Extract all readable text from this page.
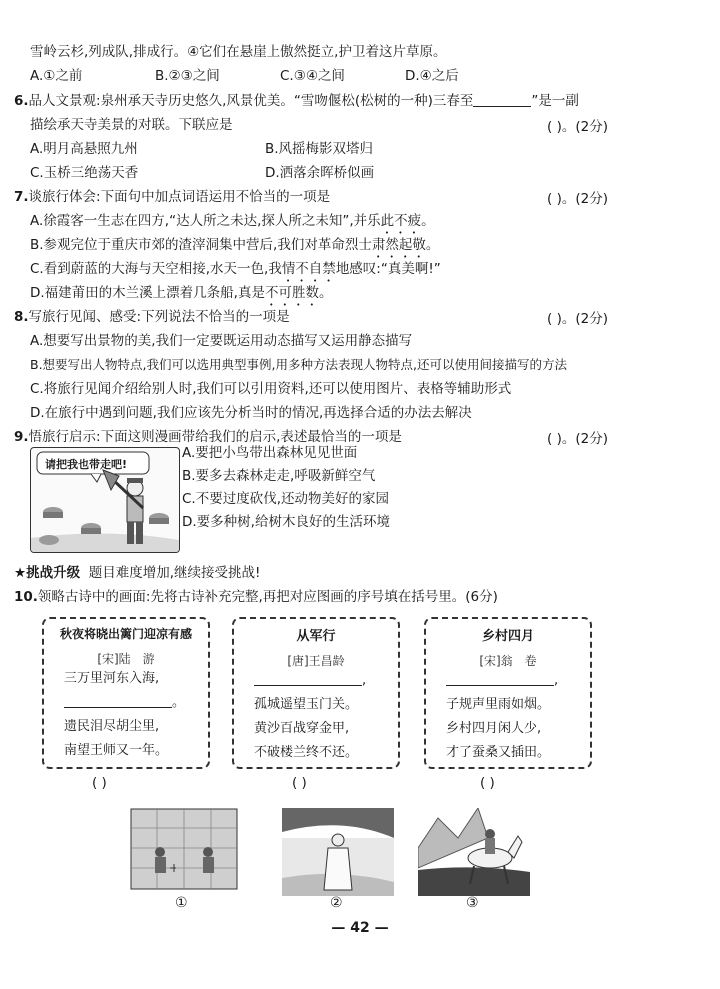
雪岭云杉,列成队,排成行。④它们在悬崖上傲然挺立,护卫着这片草原。
A.①之前	B.②③之间	C.③④之间	D.④之后
6.品人文景观:泉州承天寺历史悠久,风景优美。“雪吻偃松(松树的一种)三春至	”是一副
描绘承天寺美景的对联。下联应是	( )。(2分)
A.明月高悬照九州	B.风摇梅影双塔归
C.玉桥三绝荡天香	D.洒落余晖桥似画
7.谈旅行体会:下面句中加点词语运用不恰当的一项是	( )。(2分)
A.徐霞客一生志在四方,“达人所之未达,探人所之未知”,并乐此不疲。
B.参观完位于重庆市郊的渣滓洞集中营后,我们对革命烈士肃然起敬。
C.看到蔚蓝的大海与天空相接,水天一色,我情不自禁地感叹:“真美啊!”
D.福建莆田的木兰溪上漂着几条船,真是不可胜数。
8.写旅行见闻、感受:下列说法不恰当的一项是	( )。(2分)
A.想要写出景物的美,我们一定要既运用动态描写又运用静态描写
B.想要写出人物特点,我们可以选用典型事例,用多种方法表现人物特点,还可以使用间接描写的方法
C.将旅行见闻介绍给别人时,我们可以引用资料,还可以使用图片、表格等辅助形式
D.在旅行中遇到问题,我们应该先分析当时的情况,再选择合适的办法去解决
9.悟旅行启示:下面这则漫画带给我们的启示,表述最恰当的一项是	( )。(2分)
请把我也带走吧!
A.要把小鸟带出森林见见世面
B.要多去森林走走,呼吸新鲜空气
C.不要过度砍伐,还动物美好的家园
D.要多种树,给树木良好的生活环境
★挑战升级 题目难度增加,继续接受挑战!
10.领略古诗中的画面:先将古诗补充完整,再把对应图画的序号填在括号里。(6分)
秋夜将晓出篱门迎凉有感
[宋]陆　游
三万里河东入海,
。
遗民泪尽胡尘里,
南望王师又一年。
从军行
[唐]王昌龄
,
孤城遥望玉门关。
黄沙百战穿金甲,
不破楼兰终不还。
乡村四月
[宋]翁　卷
,
子规声里雨如烟。
乡村四月闲人少,
才了蚕桑又插田。
( )	( )	( )
①	②	③
— 42 —
